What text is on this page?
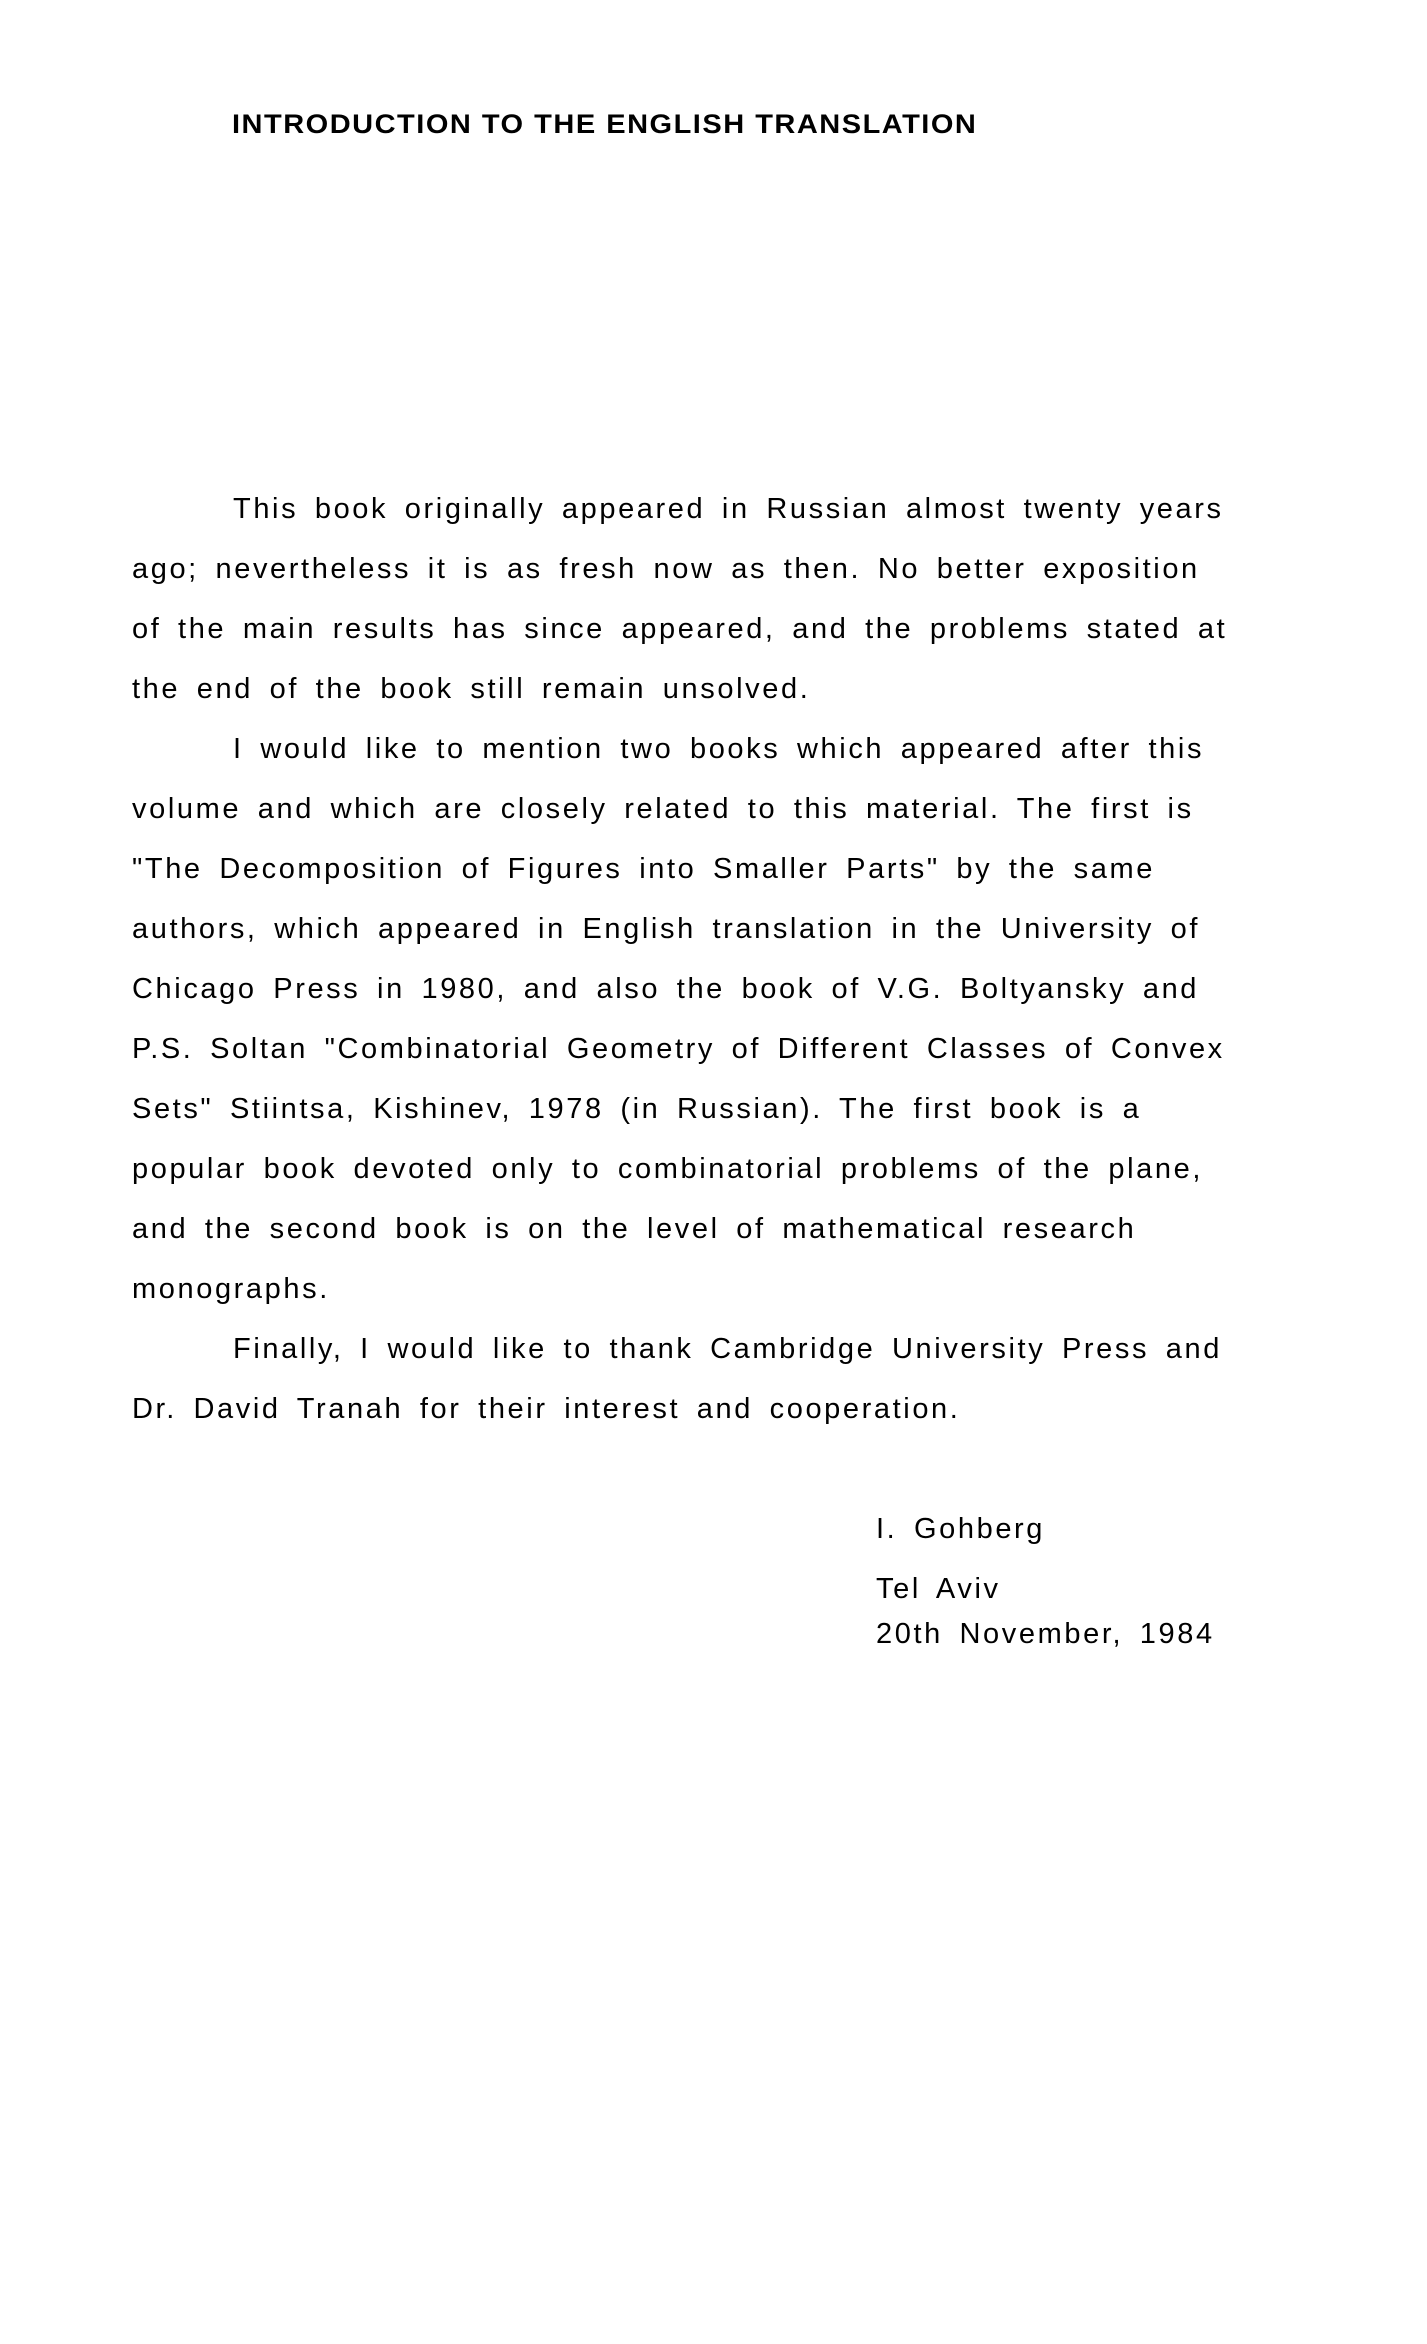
INTRODUCTION TO THE ENGLISH TRANSLATION
This book originally appeared in Russian almost twenty years
ago; nevertheless it is as fresh now as then. No better exposition
of the main results has since appeared, and the problems stated at
the end of the book still remain unsolved.
I would like to mention two books which appeared after this
volume and which are closely related to this material. The first is
"The Decomposition of Figures into Smaller Parts" by the same
authors, which appeared in English translation in the University of
Chicago Press in 1980, and also the book of V.G. Boltyansky and
P.S. Soltan "Combinatorial Geometry of Different Classes of Convex
Sets" Stiintsa, Kishinev, 1978 (in Russian). The first book is a
popular book devoted only to combinatorial problems of the plane,
and the second book is on the level of mathematical research
monographs.
Finally, I would like to thank Cambridge University Press and
Dr. David Tranah for their interest and cooperation.
I. Gohberg
Tel Aviv
20th November, 1984
